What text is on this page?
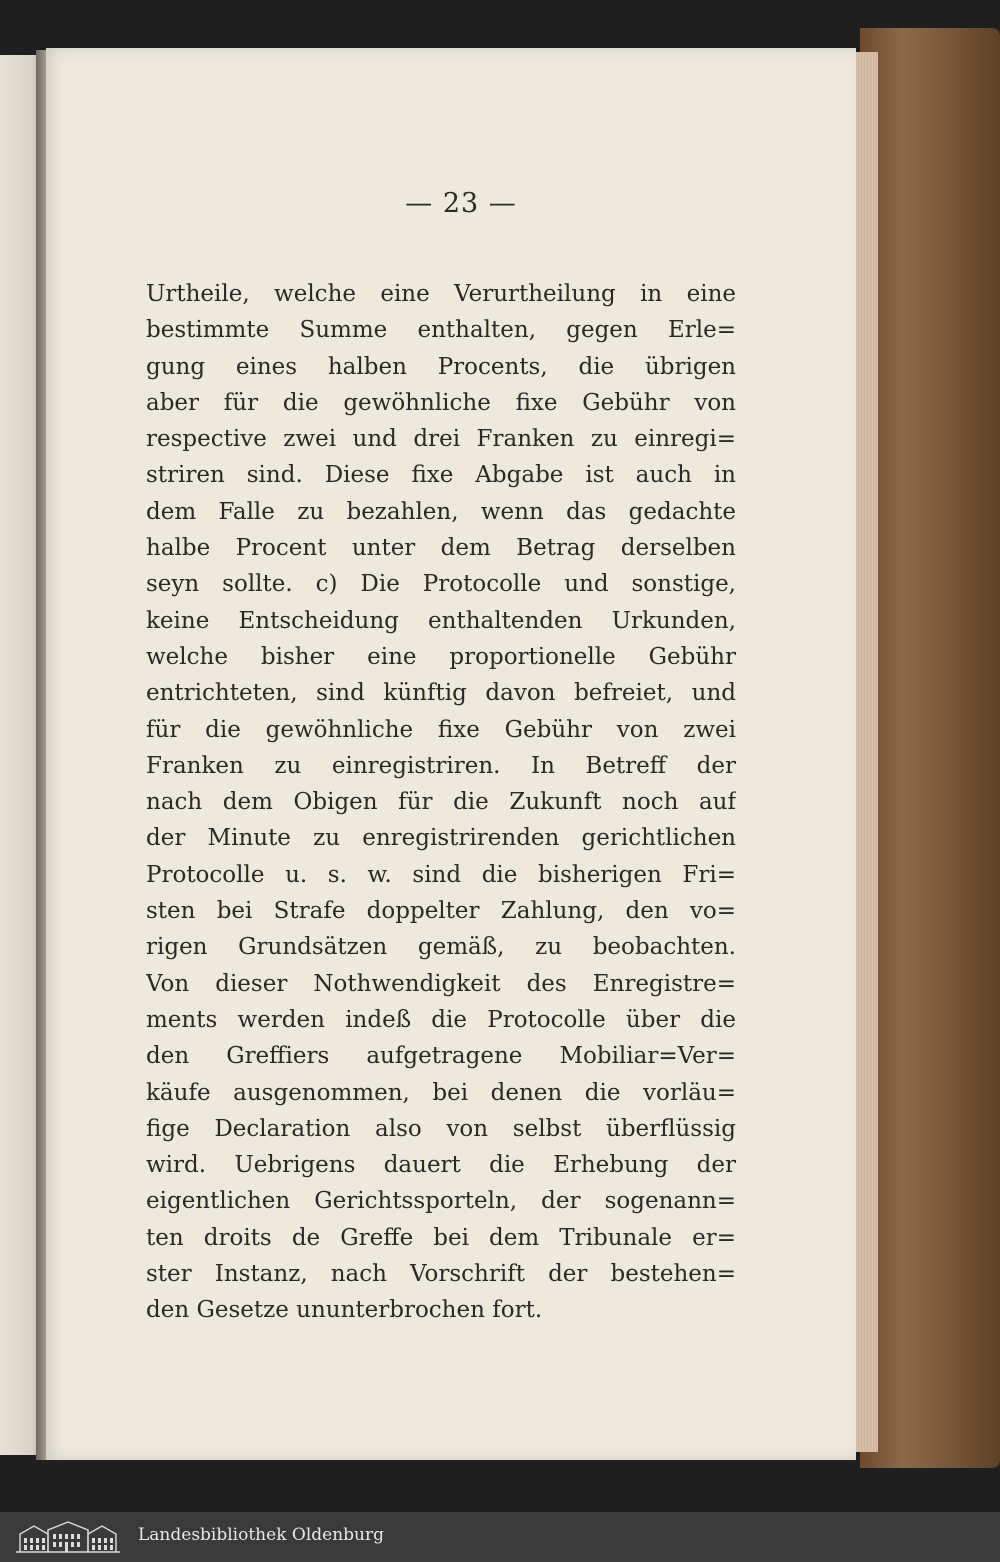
— 23 —
Urtheile, welche eine Verurtheilung in eine
bestimmte Summe enthalten, gegen Erle=
gung eines halben Procents, die übrigen
aber für die gewöhnliche fixe Gebühr von
respective zwei und drei Franken zu einregi=
striren sind. Diese fixe Abgabe ist auch in
dem Falle zu bezahlen, wenn das gedachte
halbe Procent unter dem Betrag derselben
seyn sollte. c) Die Protocolle und sonstige,
keine Entscheidung enthaltenden Urkunden,
welche bisher eine proportionelle Gebühr
entrichteten, sind künftig davon befreiet, und
für die gewöhnliche fixe Gebühr von zwei
Franken zu einregistriren. In Betreff der
nach dem Obigen für die Zukunft noch auf
der Minute zu enregistrirenden gerichtlichen
Protocolle u. s. w. sind die bisherigen Fri=
sten bei Strafe doppelter Zahlung, den vo=
rigen Grundsätzen gemäß, zu beobachten.
Von dieser Nothwendigkeit des Enregistre=
ments werden indeß die Protocolle über die
den Greffiers aufgetragene Mobiliar=Ver=
käufe ausgenommen, bei denen die vorläu=
fige Declaration also von selbst überflüssig
wird. Uebrigens dauert die Erhebung der
eigentlichen Gerichtssporteln, der sogenann=
ten droits de Greffe bei dem Tribunale er=
ster Instanz, nach Vorschrift der bestehen=
den Gesetze ununterbrochen fort.
Landesbibliothek Oldenburg
